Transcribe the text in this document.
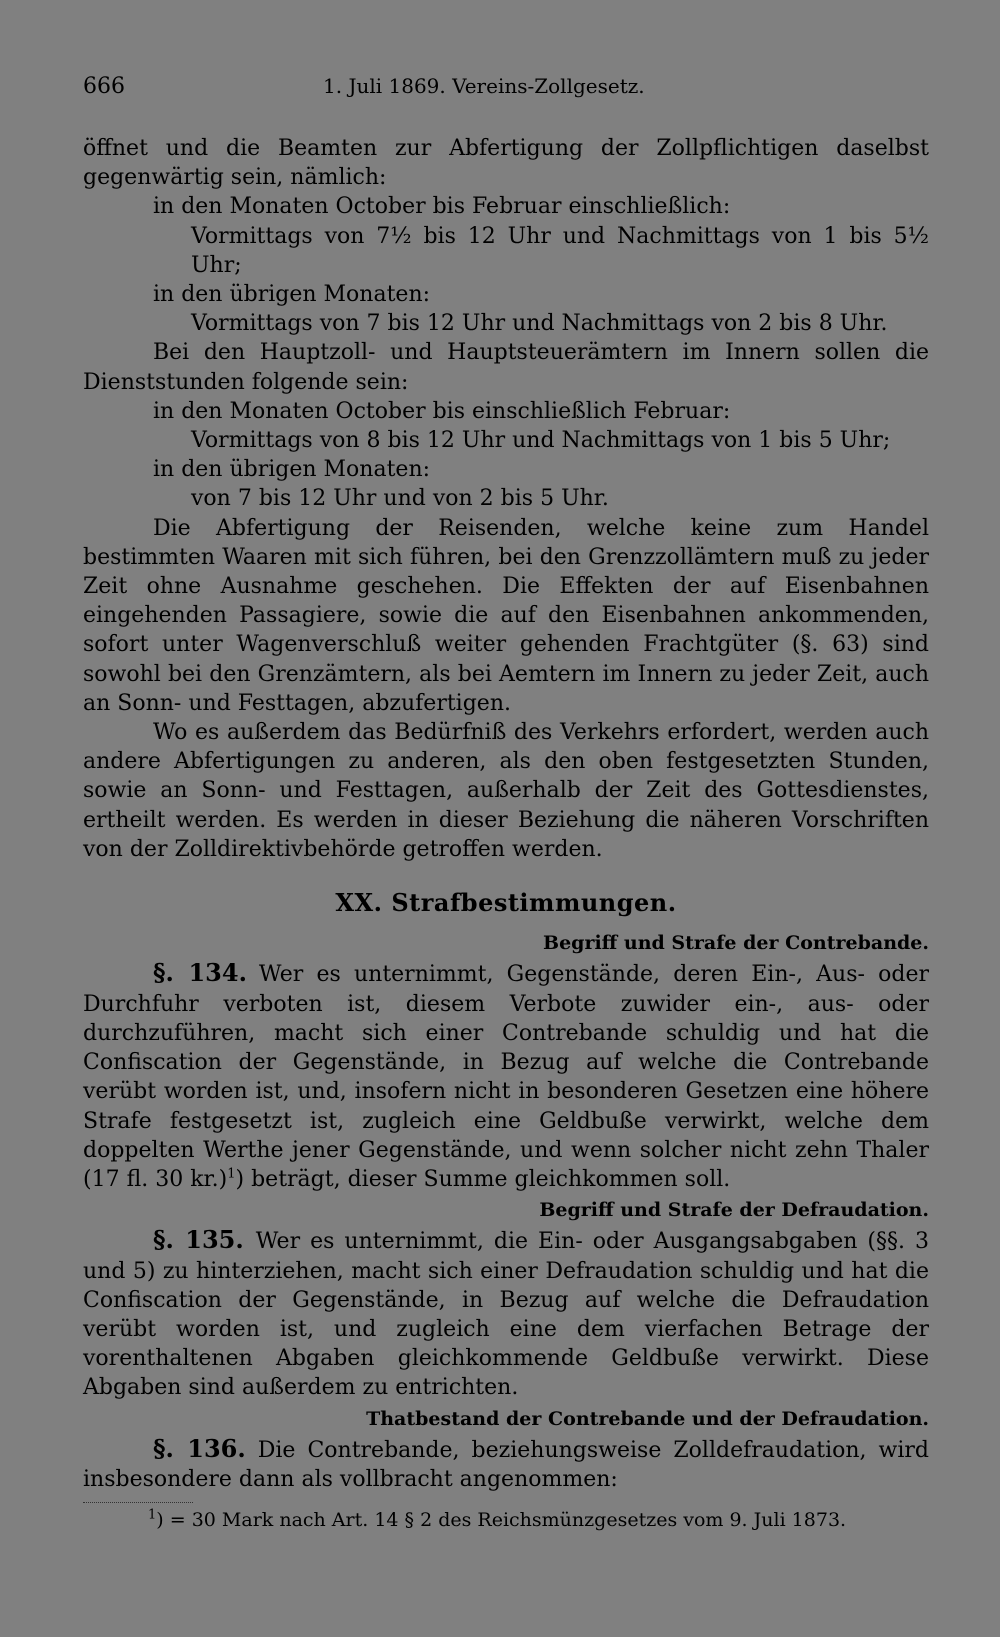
666	1. Juli 1869. Vereins-Zollgesetz.

öffnet und die Beamten zur Abfertigung der Zollpflichtigen daselbst gegenwärtig sein, nämlich:

in den Monaten October bis Februar einschließlich:

Vormittags von 7½ bis 12 Uhr und Nachmittags von 1 bis 5½ Uhr;

in den übrigen Monaten:

Vormittags von 7 bis 12 Uhr und Nachmittags von 2 bis 8 Uhr.

Bei den Hauptzoll- und Hauptsteuerämtern im Innern sollen die Dienststunden folgende sein:

in den Monaten October bis einschließlich Februar:

Vormittags von 8 bis 12 Uhr und Nachmittags von 1 bis 5 Uhr;

in den übrigen Monaten:

von 7 bis 12 Uhr und von 2 bis 5 Uhr.

Die Abfertigung der Reisenden, welche keine zum Handel bestimmten Waaren mit sich führen, bei den Grenzzollämtern muß zu jeder Zeit ohne Ausnahme geschehen. Die Effekten der auf Eisenbahnen eingehenden Passagiere, sowie die auf den Eisenbahnen ankommenden, sofort unter Wagenverschluß weiter gehenden Frachtgüter (§. 63) sind sowohl bei den Grenzämtern, als bei Aemtern im Innern zu jeder Zeit, auch an Sonn- und Festtagen, abzufertigen.

Wo es außerdem das Bedürfniß des Verkehrs erfordert, werden auch andere Abfertigungen zu anderen, als den oben festgesetzten Stunden, sowie an Sonn- und Festtagen, außerhalb der Zeit des Gottesdienstes, ertheilt werden. Es werden in dieser Beziehung die näheren Vorschriften von der Zolldirektivbehörde getroffen werden.

XX. Strafbestimmungen.
Begriff und Strafe der Contrebande.

§. 134. Wer es unternimmt, Gegenstände, deren Ein-, Aus- oder Durchfuhr verboten ist, diesem Verbote zuwider ein-, aus- oder durchzuführen, macht sich einer Contrebande schuldig und hat die Confiscation der Gegenstände, in Bezug auf welche die Contrebande verübt worden ist, und, insofern nicht in besonderen Gesetzen eine höhere Strafe festgesetzt ist, zugleich eine Geldbuße verwirkt, welche dem doppelten Werthe jener Gegenstände, und wenn solcher nicht zehn Thaler (17 fl. 30 kr.)$^1$) beträgt, dieser Summe gleichkommen soll.

Begriff und Strafe der Defraudation.

§. 135. Wer es unternimmt, die Ein- oder Ausgangsabgaben (§§. 3 und 5) zu hinterziehen, macht sich einer Defraudation schuldig und hat die Confiscation der Gegenstände, in Bezug auf welche die Defraudation verübt worden ist, und zugleich eine dem vierfachen Betrage der vorenthaltenen Abgaben gleichkommende Geldbuße verwirkt. Diese Abgaben sind außerdem zu entrichten.

Thatbestand der Contrebande und der Defraudation.

§. 136. Die Contrebande, beziehungsweise Zolldefraudation, wird insbesondere dann als vollbracht angenommen:

$^1$) = 30 Mark nach Art. 14 § 2 des Reichsmünzgesetzes vom 9. Juli 1873.
